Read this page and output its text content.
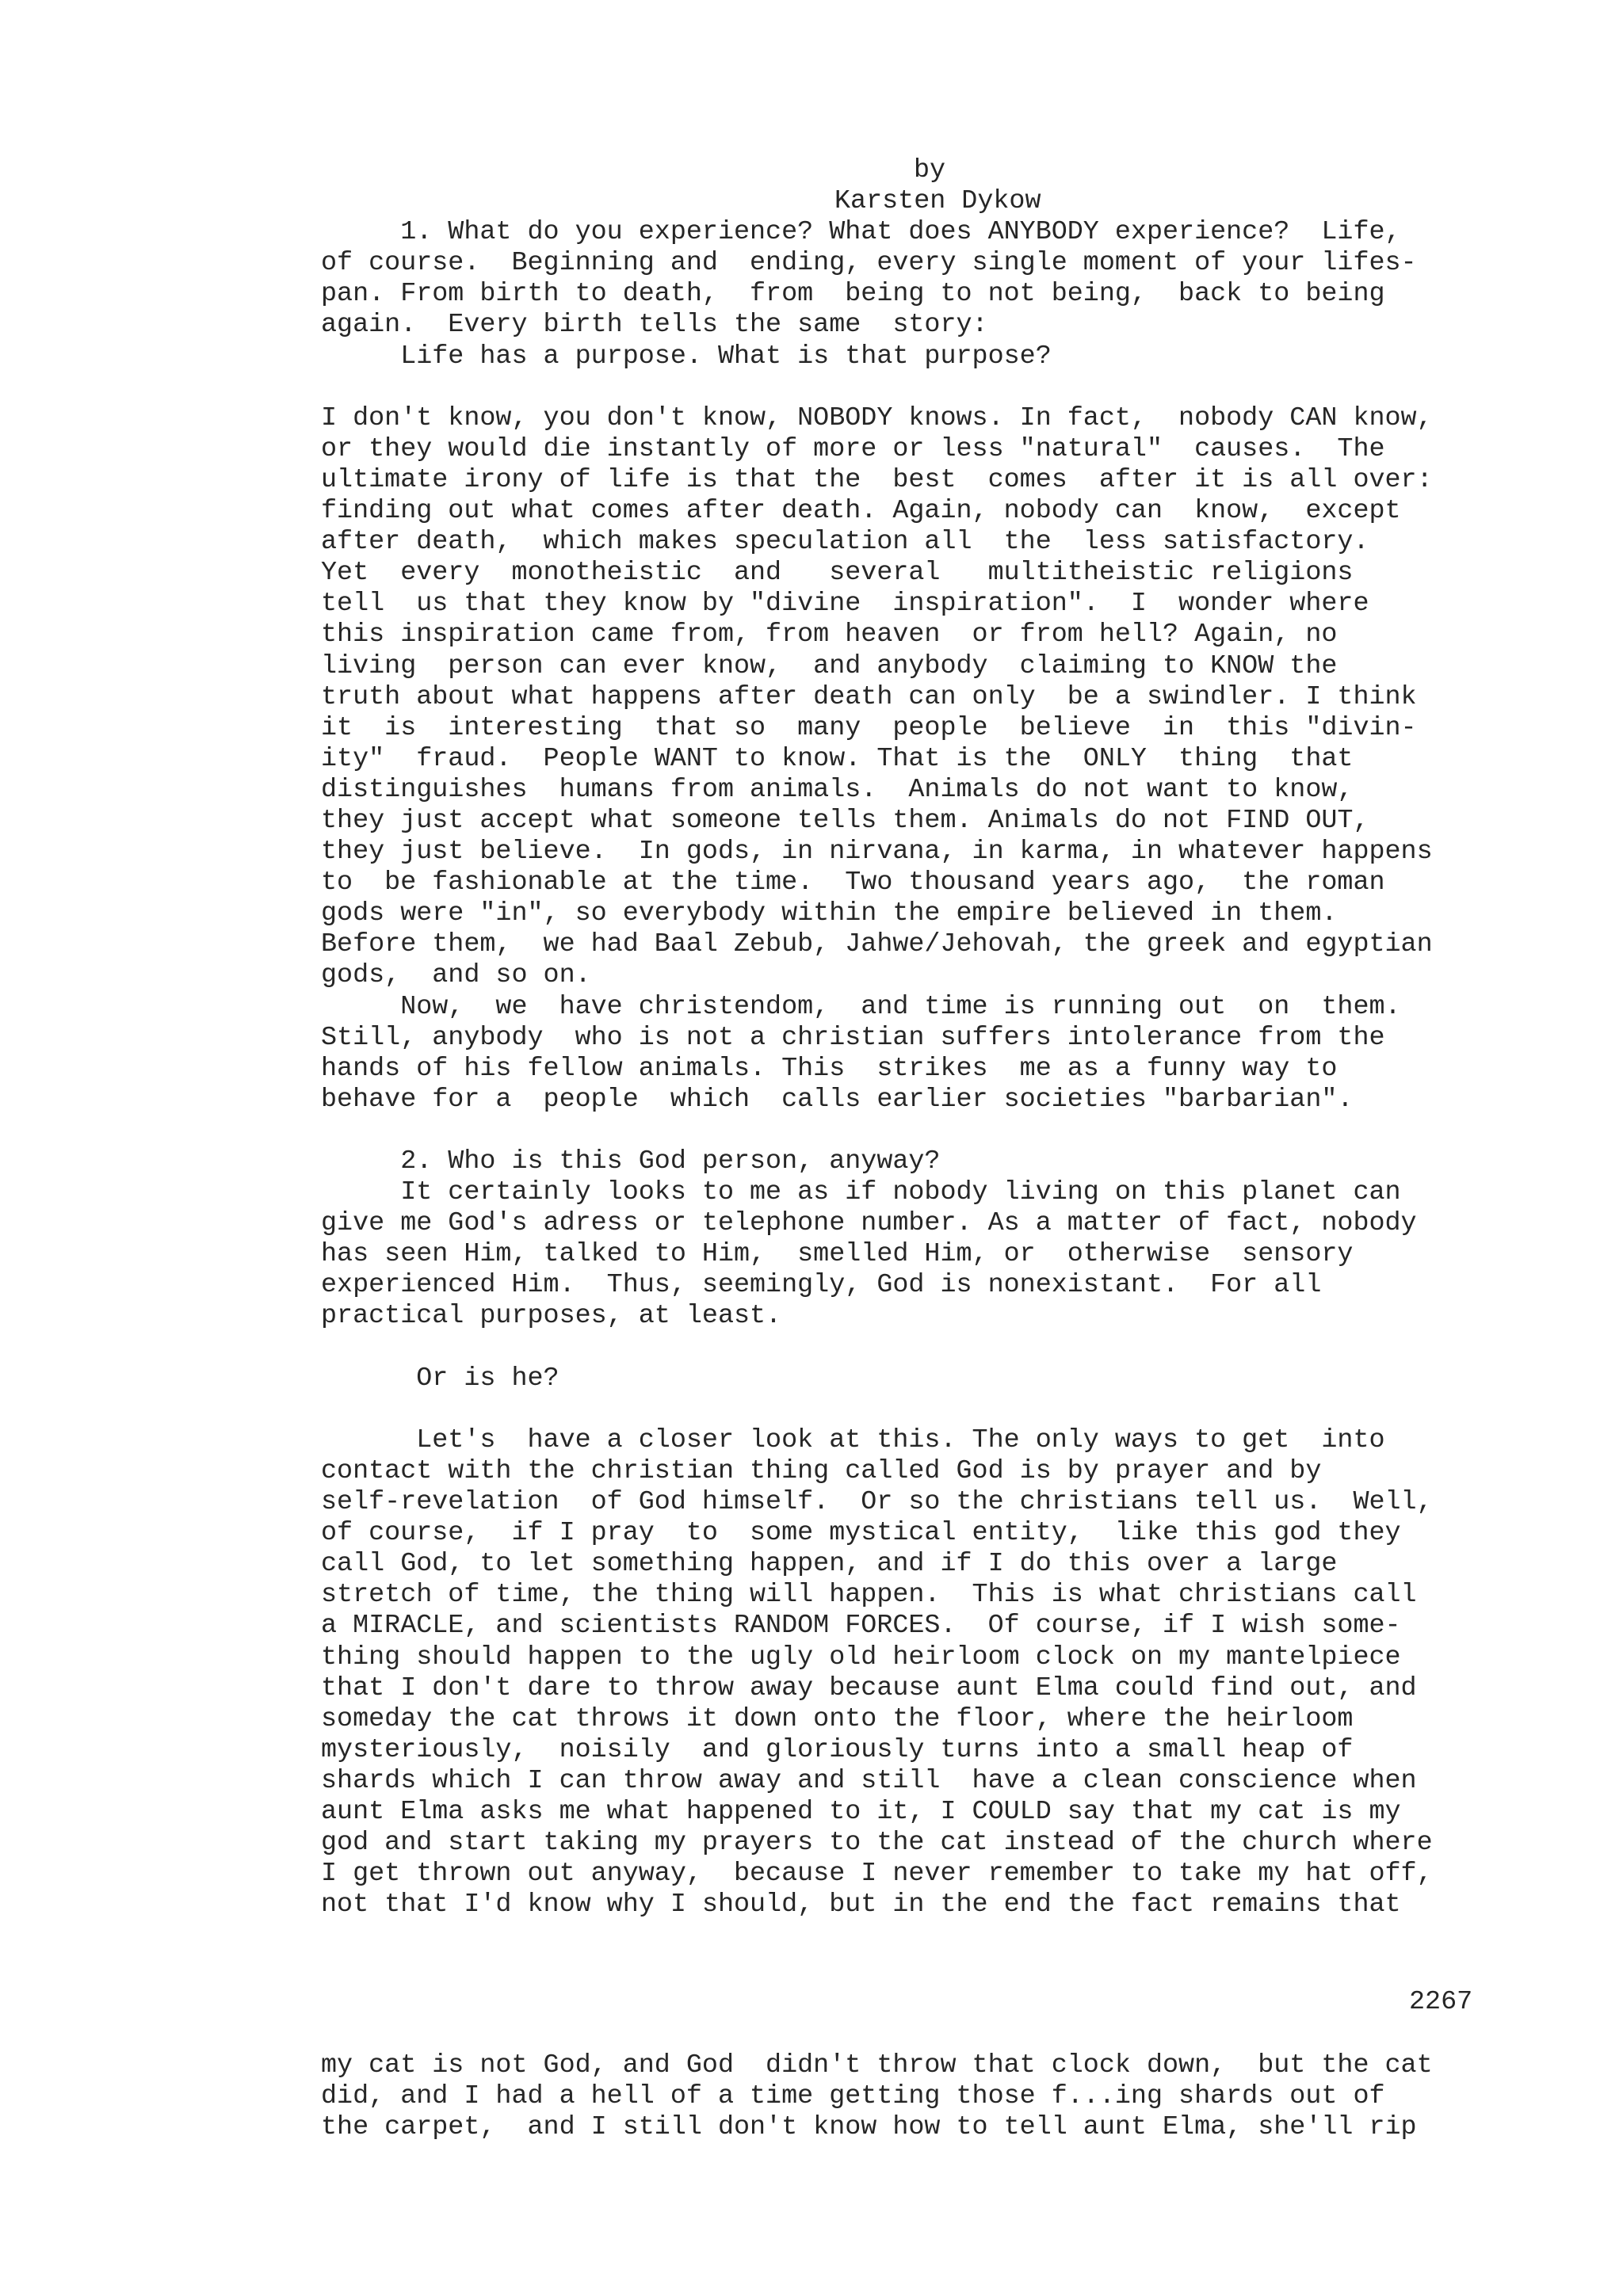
by
Karsten Dykow
1. What do you experience? What does ANYBODY experience?  Life,
of course.  Beginning and  ending, every single moment of your lifes-
pan. From birth to death,  from  being to not being,  back to being
again.  Every birth tells the same  story:
Life has a purpose. What is that purpose?
I don't know, you don't know, NOBODY knows. In fact,  nobody CAN know,
or they would die instantly of more or less "natural"  causes.  The
ultimate irony of life is that the  best  comes  after it is all over:
finding out what comes after death. Again, nobody can  know,  except
after death,  which makes speculation all  the  less satisfactory.
Yet  every  monotheistic  and   several   multitheistic religions
tell  us that they know by "divine  inspiration".  I  wonder where
this inspiration came from, from heaven  or from hell? Again, no
living  person can ever know,  and anybody  claiming to KNOW the
truth about what happens after death can only  be a swindler. I think
it  is  interesting  that so  many  people  believe  in  this "divin-
ity"  fraud.  People WANT to know. That is the  ONLY  thing  that
distinguishes  humans from animals.  Animals do not want to know,
they just accept what someone tells them. Animals do not FIND OUT,
they just believe.  In gods, in nirvana, in karma, in whatever happens
to  be fashionable at the time.  Two thousand years ago,  the roman
gods were "in", so everybody within the empire believed in them.
Before them,  we had Baal Zebub, Jahwe/Jehovah, the greek and egyptian
gods,  and so on.
Now,  we  have christendom,  and time is running out  on  them.
Still, anybody  who is not a christian suffers intolerance from the
hands of his fellow animals. This  strikes  me as a funny way to
behave for a  people  which  calls earlier societies "barbarian".
2. Who is this God person, anyway?
It certainly looks to me as if nobody living on this planet can
give me God's adress or telephone number. As a matter of fact, nobody
has seen Him, talked to Him,  smelled Him, or  otherwise  sensory
experienced Him.  Thus, seemingly, God is nonexistant.  For all
practical purposes, at least.
Or is he?
Let's  have a closer look at this. The only ways to get  into
contact with the christian thing called God is by prayer and by
self-revelation  of God himself.  Or so the christians tell us.  Well,
of course,  if I pray  to  some mystical entity,  like this god they
call God, to let something happen, and if I do this over a large
stretch of time, the thing will happen.  This is what christians call
a MIRACLE, and scientists RANDOM FORCES.  Of course, if I wish some-
thing should happen to the ugly old heirloom clock on my mantelpiece
that I don't dare to throw away because aunt Elma could find out, and
someday the cat throws it down onto the floor, where the heirloom
mysteriously,  noisily  and gloriously turns into a small heap of
shards which I can throw away and still  have a clean conscience when
aunt Elma asks me what happened to it, I COULD say that my cat is my
god and start taking my prayers to the cat instead of the church where
I get thrown out anyway,  because I never remember to take my hat off,
not that I'd know why I should, but in the end the fact remains that
2267
my cat is not God, and God  didn't throw that clock down,  but the cat
did, and I had a hell of a time getting those f...ing shards out of
the carpet,  and I still don't know how to tell aunt Elma, she'll rip
